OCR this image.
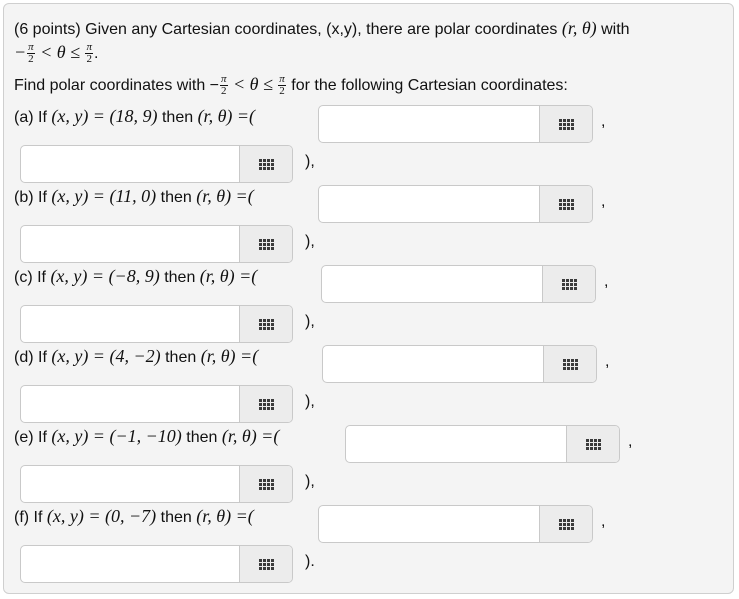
(6 points) Given any Cartesian coordinates, (x,y), there are polar coordinates (r, θ) with
− $\frac{\pi}{2} < \theta \le \frac{\pi}{2}$ .
Find polar coordinates with − $\frac{\pi}{2} < \theta \le \frac{\pi}{2}$ for the following Cartesian coordinates:
(a) If (x, y) = (18, 9) then (r, θ) =(	,
),
(b) If (x, y) = (11, 0) then (r, θ) =(	,
),
(c) If (x, y) = (−8, 9) then (r, θ) =(	,
),
(d) If (x, y) = (4, −2) then (r, θ) =(	,
),
(e) If (x, y) = (−1, −10) then (r, θ) =(	,
),
(f) If (x, y) = (0, −7) then (r, θ) =(	,
).
